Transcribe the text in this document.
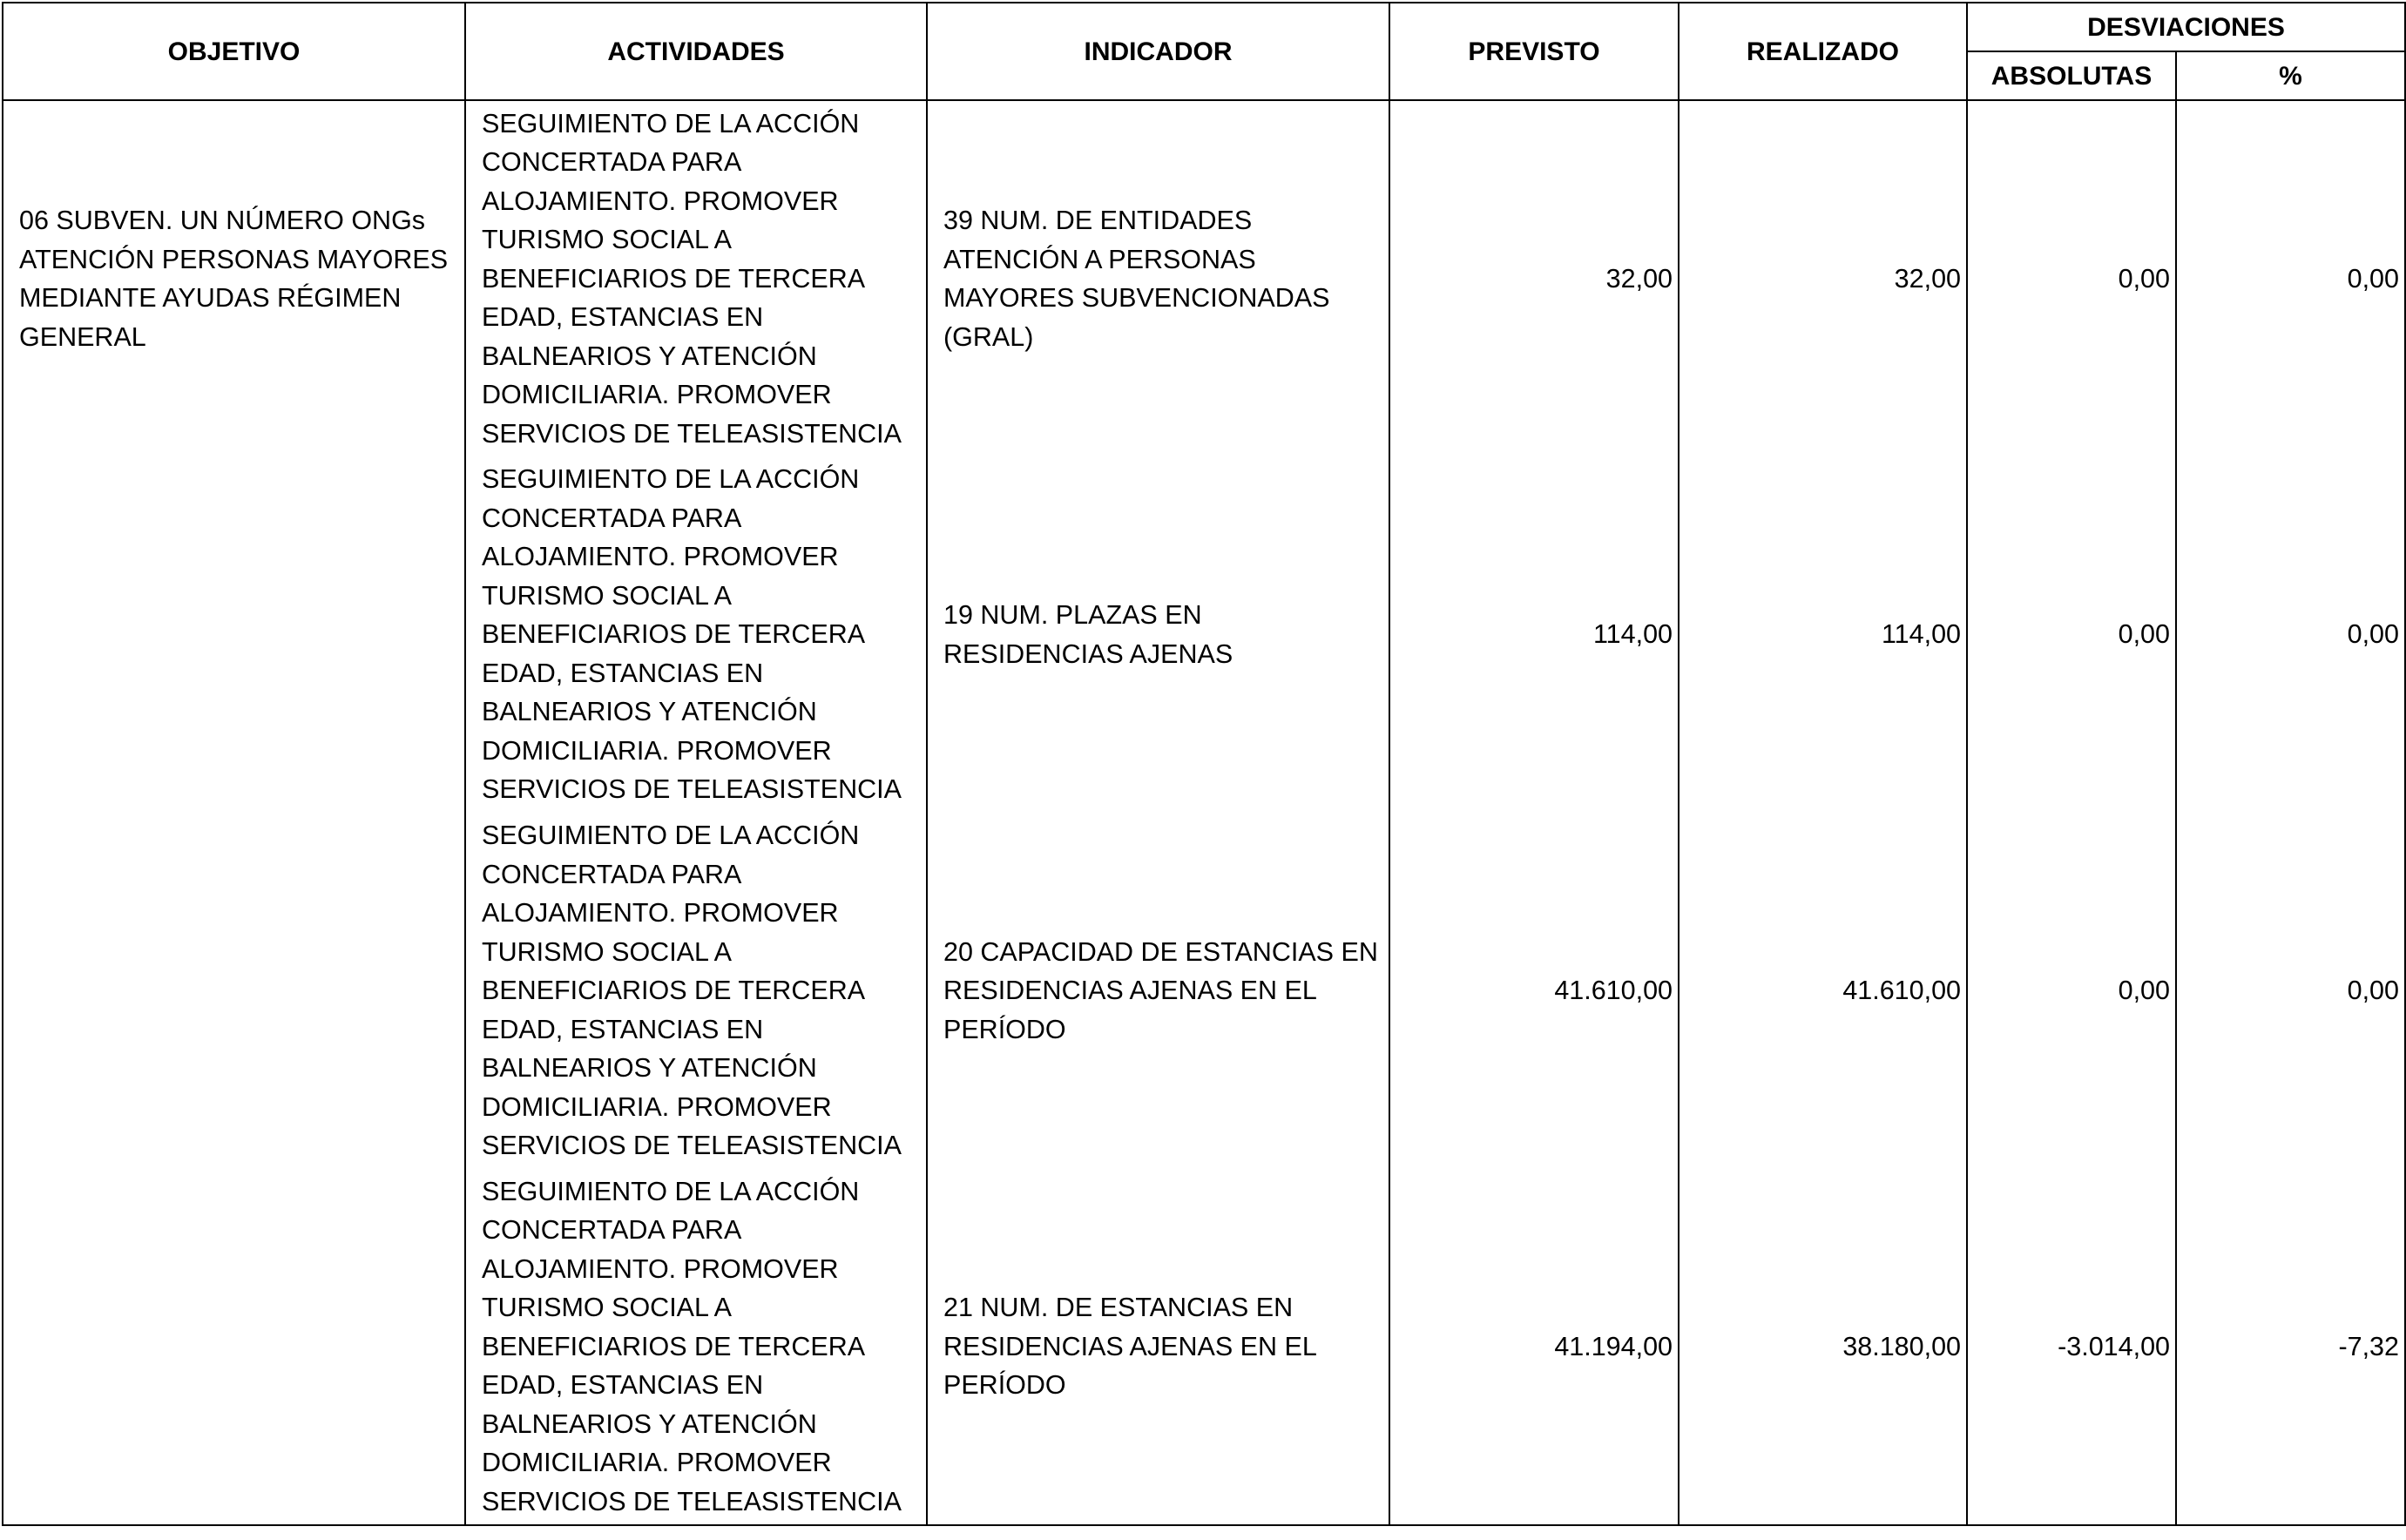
OBJETIVO	ACTIVIDADES	INDICADOR	PREVISTO	REALIZADO	DESVIACIONES	
					ABSOLUTAS	%
06 SUBVEN. UN NÚMERO ONGs ATENCIÓN PERSONAS MAYORES MEDIANTE AYUDAS RÉGIMEN GENERAL	SEGUIMIENTO DE LA ACCIÓN CONCERTADA PARA ALOJAMIENTO. PROMOVER TURISMO SOCIAL A BENEFICIARIOS DE TERCERA EDAD, ESTANCIAS EN BALNEARIOS Y ATENCIÓN DOMICILIARIA. PROMOVER SERVICIOS DE TELEASISTENCIA	39 NUM. DE ENTIDADES ATENCIÓN A PERSONAS MAYORES SUBVENCIONADAS (GRAL)	32,00	32,00	0,00	0,00
	SEGUIMIENTO DE LA ACCIÓN CONCERTADA PARA ALOJAMIENTO. PROMOVER TURISMO SOCIAL A BENEFICIARIOS DE TERCERA EDAD, ESTANCIAS EN BALNEARIOS Y ATENCIÓN DOMICILIARIA. PROMOVER SERVICIOS DE TELEASISTENCIA	19 NUM. PLAZAS EN RESIDENCIAS AJENAS	114,00	114,00	0,00	0,00
	SEGUIMIENTO DE LA ACCIÓN CONCERTADA PARA ALOJAMIENTO. PROMOVER TURISMO SOCIAL A BENEFICIARIOS DE TERCERA EDAD, ESTANCIAS EN BALNEARIOS Y ATENCIÓN DOMICILIARIA. PROMOVER SERVICIOS DE TELEASISTENCIA	20 CAPACIDAD DE ESTANCIAS EN RESIDENCIAS AJENAS EN EL PERÍODO	41.610,00	41.610,00	0,00	0,00
	SEGUIMIENTO DE LA ACCIÓN CONCERTADA PARA ALOJAMIENTO. PROMOVER TURISMO SOCIAL A BENEFICIARIOS DE TERCERA EDAD, ESTANCIAS EN BALNEARIOS Y ATENCIÓN DOMICILIARIA. PROMOVER SERVICIOS DE TELEASISTENCIA	21 NUM. DE ESTANCIAS EN RESIDENCIAS AJENAS EN EL PERÍODO	41.194,00	38.180,00	-3.014,00	-7,32
